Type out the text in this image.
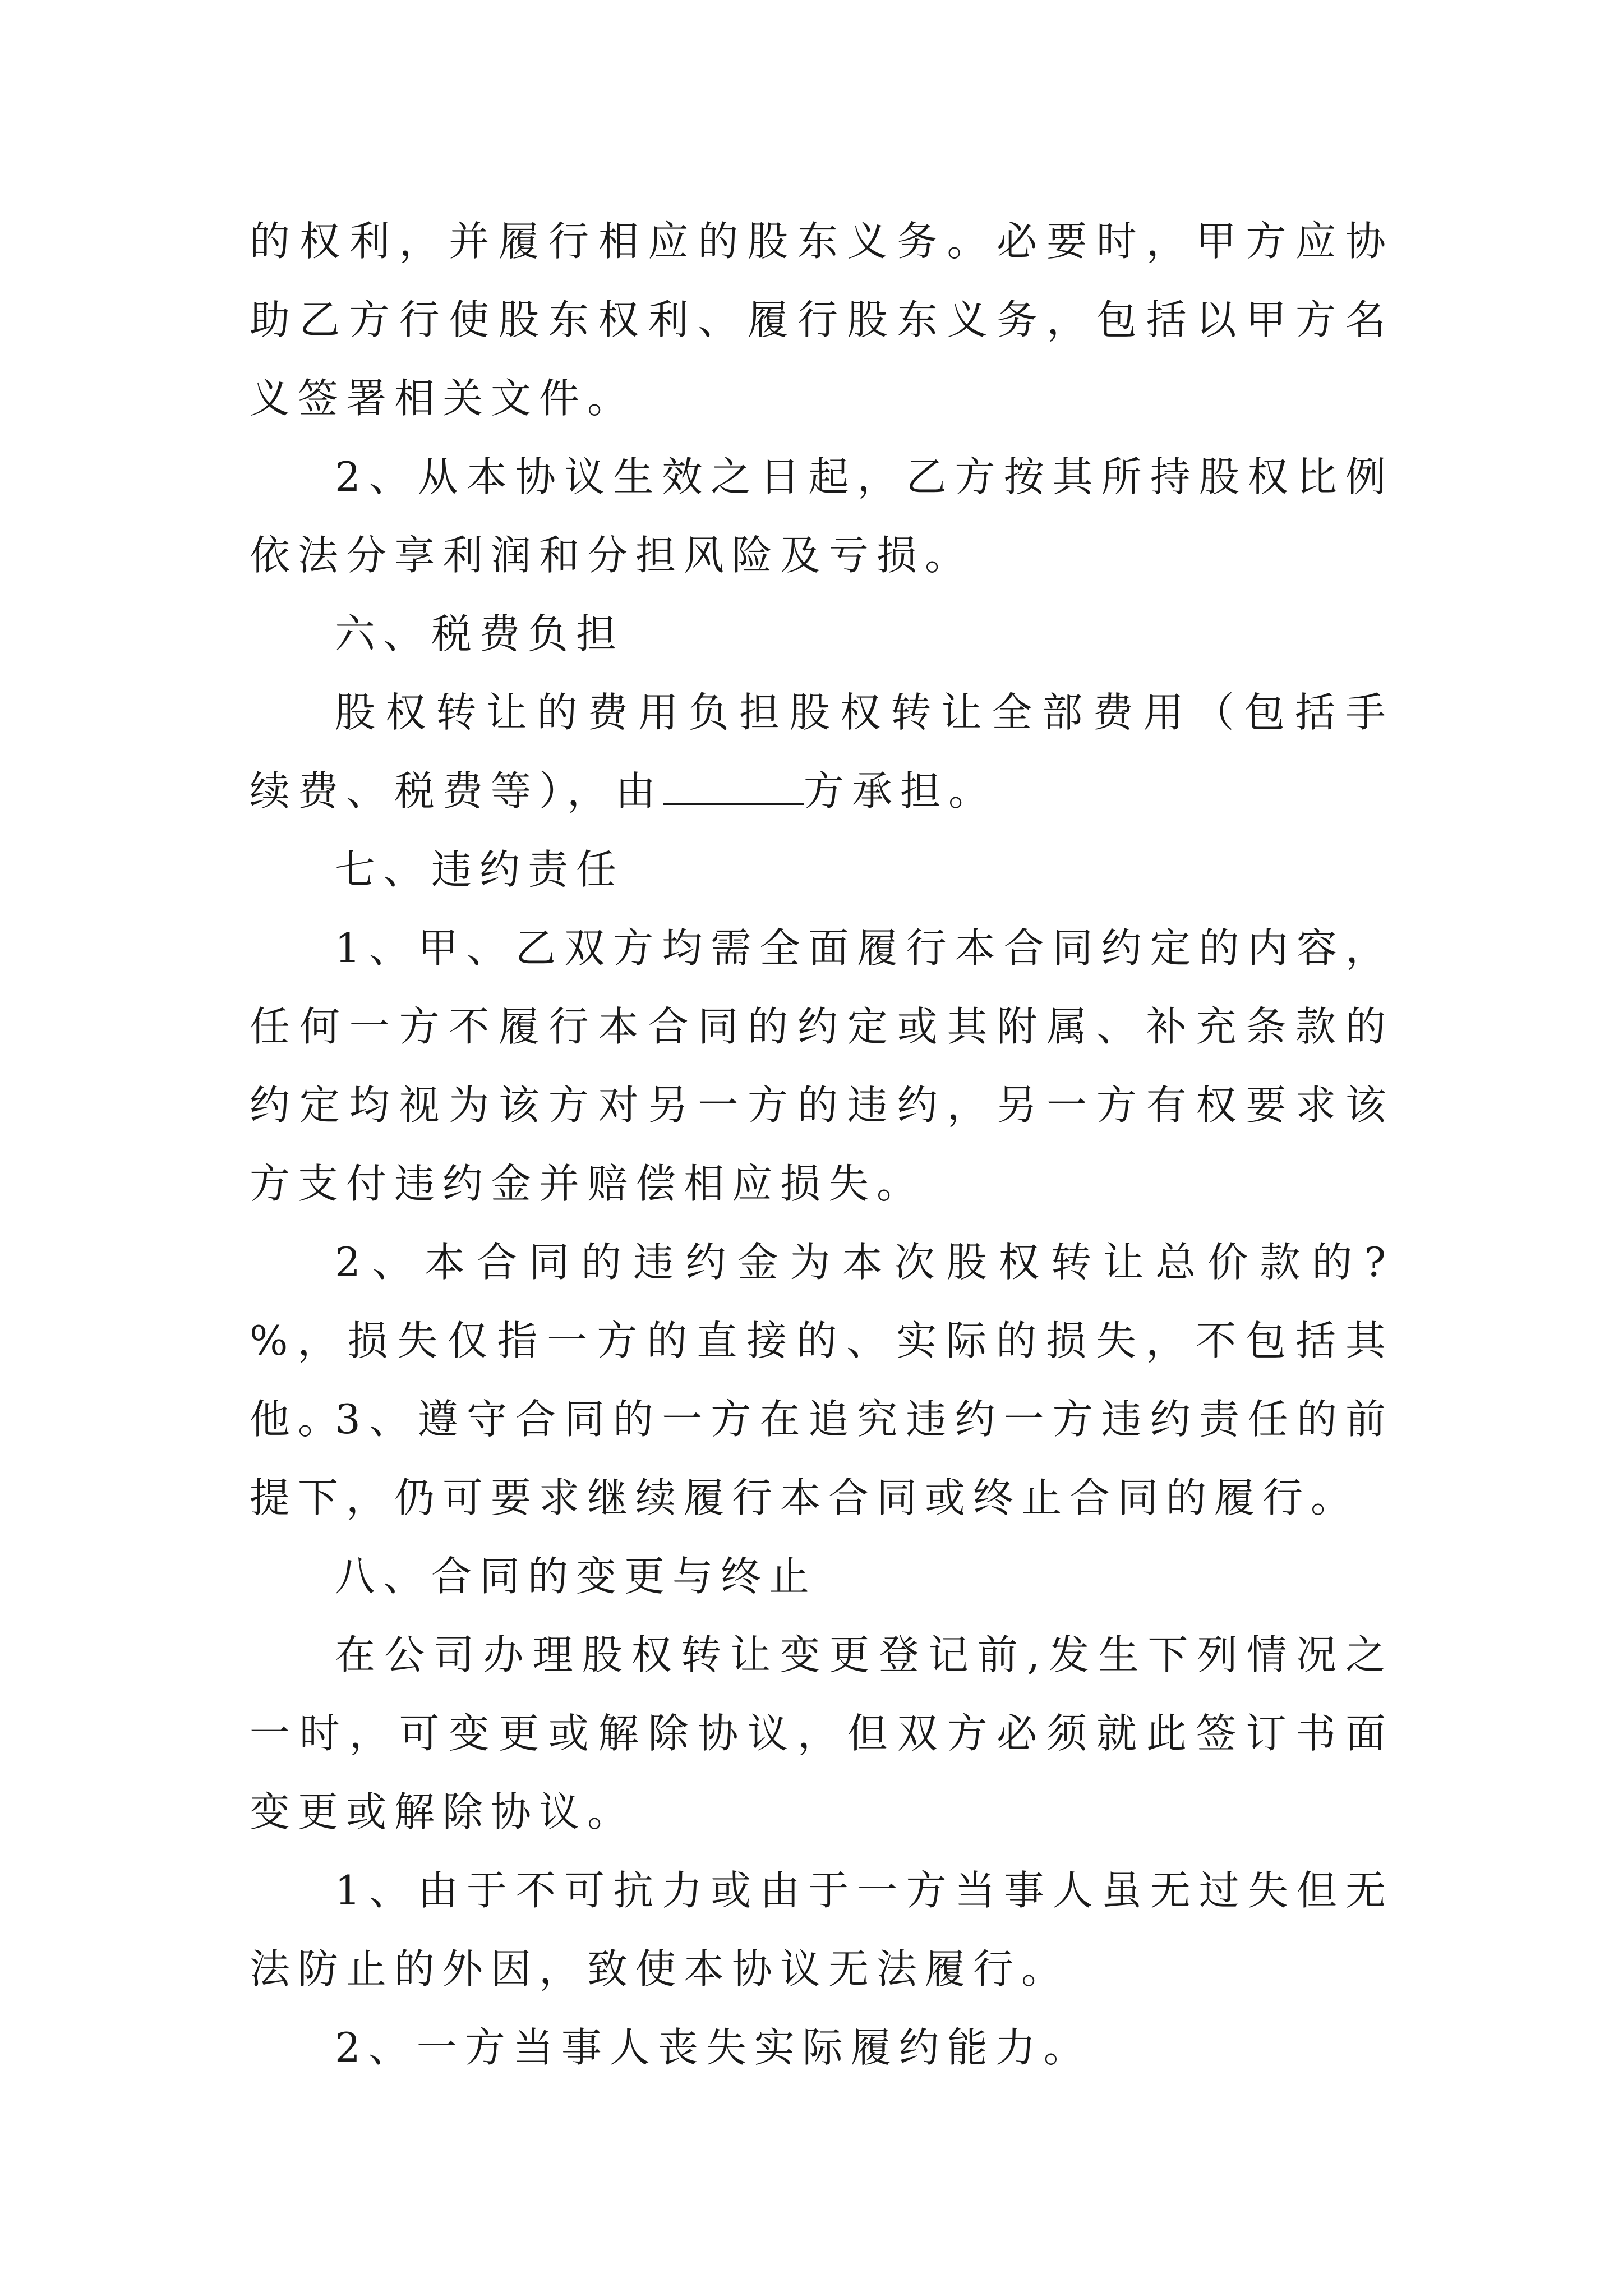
的权利，并履行相应的股东义务。必要时，甲方应协助乙方行使股东权利、履行股东义务，包括以甲方名义签署相关文件。

2、从本协议生效之日起，乙方按其所持股权比例依法分享利润和分担风险及亏损。

六、税费负担

股权转让的费用负担股权转让全部费用（包括手续费、税费等），由	方承担。

七、违约责任

1、甲、乙双方均需全面履行本合同约定的内容，任何一方不履行本合同的约定或其附属、补充条款的约定均视为该方对另一方的违约，另一方有权要求该方支付违约金并赔偿相应损失。

2、本合同的违约金为本次股权转让总价款的?%，损失仅指一方的直接的、实际的损失，不包括其他。

3、遵守合同的一方在追究违约一方违约责任的前提下，仍可要求继续履行本合同或终止合同的履行。

八、合同的变更与终止

在公司办理股权转让变更登记前,发生下列情况之一时，可变更或解除协议，但双方必须就此签订书面变更或解除协议。

1、由于不可抗力或由于一方当事人虽无过失但无法防止的外因，致使本协议无法履行。

2、一方当事人丧失实际履约能力。
